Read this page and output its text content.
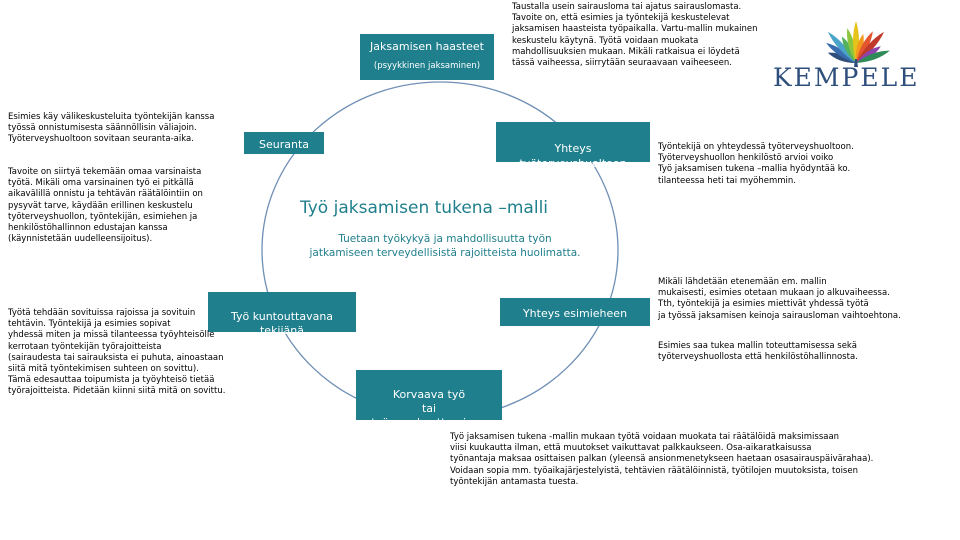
KEMPELE
Työ jaksamisen tukena –malli
Tuetaan työkykyä ja mahdollisuutta työn
jatkamiseen terveydellisistä rajoitteista huolimatta.
Jaksamisen haasteet
(psyykkinen jaksaminen)
Seuranta	Yhteys
työterveyshuoltoon

Työ kuntouttavana
tekijänä

Yhteys esimieheen

Korvaava työ
tai
työn mukauttaminen

Taustalla usein sairausloma tai ajatus sairauslomasta.
Tavoite on, että esimies ja työntekijä keskustelevat
jaksamisen haasteista työpaikalla. Vartu-mallin mukainen
keskustelu käytynä. Työtä voidaan muokata
mahdollisuuksien mukaan. Mikäli ratkaisua ei löydetä
tässä vaiheessa, siirrytään seuraavaan vaiheeseen.
Esimies käy välikeskusteluita työntekijän kanssa
työssä onnistumisesta säännöllisin väliajoin.
Työterveyshuoltoon sovitaan seuranta-aika.
Tavoite on siirtyä tekemään omaa varsinaista
työtä. Mikäli oma varsinainen työ ei pitkällä
aikavälillä onnistu ja tehtävän räätälöintiin on
pysyvät tarve, käydään erillinen keskustelu
työterveyshuollon, työntekijän, esimiehen ja
henkilöstöhallinnon edustajan kanssa
(käynnistetään uudelleensijoitus).
Työtä tehdään sovituissa rajoissa ja sovituin
tehtävin. Työntekijä ja esimies sopivat
yhdessä miten ja missä tilanteessa työyhteisölle
kerrotaan työntekijän työrajoitteista
(sairaudesta tai sairauksista ei puhuta, ainoastaan
siitä mitä työntekimisen suhteen on sovittu).
Tämä edesauttaa toipumista ja työyhteisö tietää
työrajoitteista. Pidetään kiinni siitä mitä on sovittu.
Työntekijä on yhteydessä työterveyshuoltoon.
Työterveyshuollon henkilöstö arvioi voiko
Työ jaksamisen tukena –mallia hyödyntää ko.
tilanteessa heti tai myöhemmin.
Mikäli lähdetään etenemään em. mallin
mukaisesti, esimies otetaan mukaan jo alkuvaiheessa.
Tth, työntekijä ja esimies miettivät yhdessä työtä
ja työssä jaksamisen keinoja sairausloman vaihtoehtona.
Esimies saa tukea mallin toteuttamisessa sekä
työterveyshuollosta että henkilöstöhallinnosta.
Työ jaksamisen tukena -mallin mukaan työtä voidaan muokata tai räätälöidä maksimissaan
viisi kuukautta ilman, että muutokset vaikuttavat palkkaukseen. Osa-aikaratkaisussa
työnantaja maksaa osittaisen palkan (yleensä ansionmenetykseen haetaan osasairauspäivärahaa).
Voidaan sopia mm. työaikajärjestelyistä, tehtävien räätälöinnistä, työtilojen muutoksista, toisen
työntekijän antamasta tuesta.
